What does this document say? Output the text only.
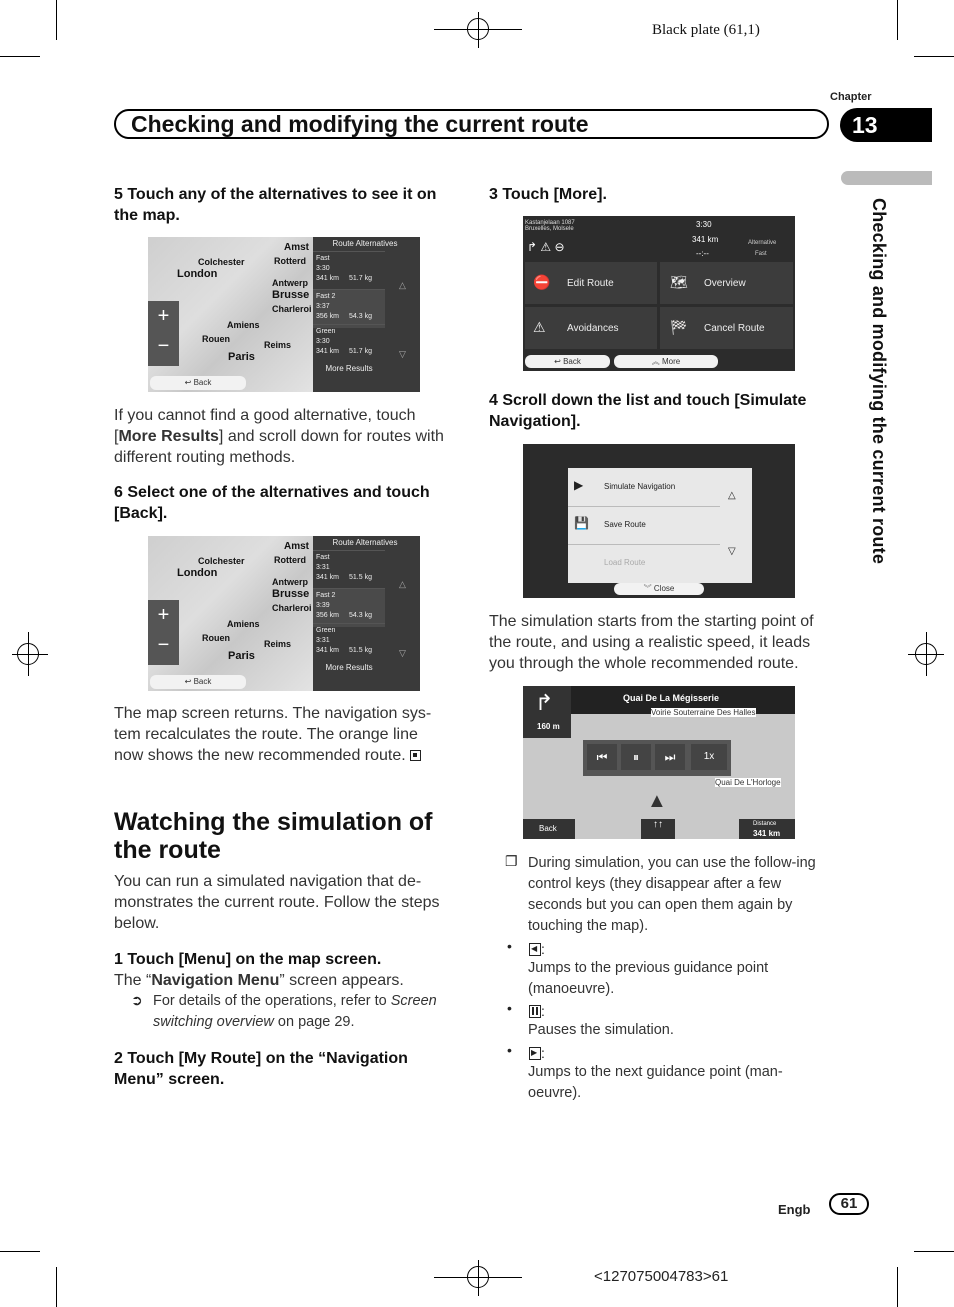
Black plate (61,1)
Chapter
Checking and modifying the current route	13
Checking and modifying the current route
5 Touch any of the alternatives to see it on the map.
Colchester
London
Rotterd
Antwerp
Brusse
Charleroi
Amiens
Rouen
Reims
Paris
Amst
+
−
↩ Back
Route Alternatives
Fast
3:30
341 km 51.7 kg
Fast 2
3:37
356 km 54.3 kg
Green
3:30
341 km 51.7 kg
More Results
△
▽
If you cannot find a good alternative, touch [More Results] and scroll down for routes with different routing methods.
6 Select one of the alternatives and touch [Back].
Colchester
London
Rotterd
Antwerp
Brusse
Charleroi
Amiens
Rouen
Reims
Paris
Amst
+
−
↩ Back
Route Alternatives
Fast
3:31
341 km 51.5 kg
Fast 2
3:39
356 km 54.3 kg
Green
3:31
341 km 51.5 kg
More Results
△
▽
The map screen returns. The navigation sys-tem recalculates the route. The orange line now shows the new recommended route.
Watching the simulation of the route
You can run a simulated navigation that de-monstrates the current route. Follow the steps below.
1 Touch [Menu] on the map screen.
The “Navigation Menu” screen appears.
➲ For details of the operations, refer to Screen switching overview on page 29.
2 Touch [My Route] on the “Navigation Menu” screen.
3 Touch [More].
Kastanjelaan 1087 Bruxelles, Molsele
↱ ⚠ ⊖
3:30
341 km
--:--
Alternative
Fast
⛔ Edit Route	🗺 Overview
⚠ Avoidances	🏁 Cancel Route
↩ Back	︽ More
4 Scroll down the list and touch [Simulate Navigation].
▶	Simulate Navigation
💾 Save Route
Load Route
△
▽
︾ Close
The simulation starts from the starting point of the route, and using a realistic speed, it leads you through the whole recommended route.
Quai De La Mégisserie
↱
160 m
Voirie Souterraine Des Halles
Quai De L'Horloge
⏮	⏸	⏭	1x
▲
Back	↑↑	Distance
341 km
❐ During simulation, you can use the follow-ing control keys (they disappear after a few seconds but you can open them again by touching the map).
• ◀ :
Jumps to the previous guidance point (manoeuvre).
•	:
Pauses the simulation.
• ▶ :
Jumps to the next guidance point (man-oeuvre).
Engb	61
<127075004783>61
